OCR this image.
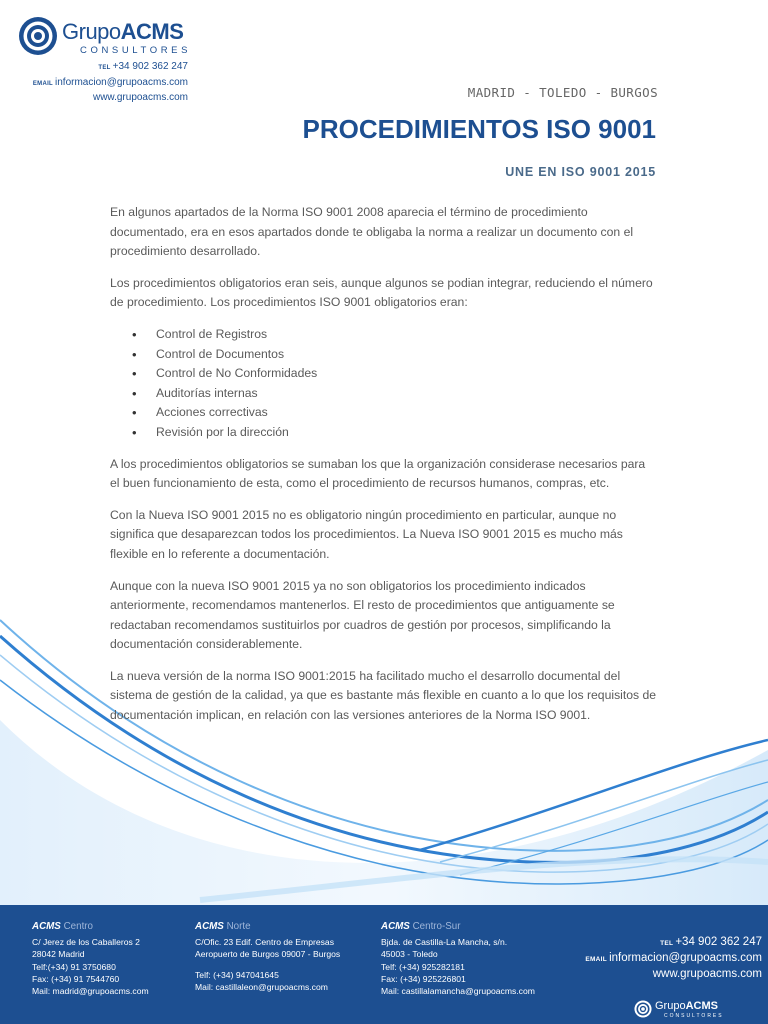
GrupoACMS
CONSULTORES
TEL +34 902 362 247
EMAIL informacion@grupoacms.com
www.grupoacms.com	MADRID - TOLEDO - BURGOS
PROCEDIMIENTOS ISO 9001
UNE EN ISO 9001 2015

En algunos apartados de la Norma ISO 9001 2008 aparecia el término de procedimiento documentado, era en esos apartados donde te obligaba la norma a realizar un documento con el procedimiento desarrollado.

Los procedimientos obligatorios eran seis, aunque algunos se podian integrar, reduciendo el número de procedimiento. Los procedimientos ISO 9001 obligatorios eran:

• Control de Registros
• Control de Documentos
• Control de No Conformidades
• Auditorías internas
• Acciones correctivas
• Revisión por la dirección

A los procedimientos obligatorios se sumaban los que la organización considerase necesarios para el buen funcionamiento de esta, como el procedimiento de recursos humanos, compras, etc.

Con la Nueva ISO 9001 2015 no es obligatorio ningún procedimiento en particular, aunque no significa que desaparezcan todos los procedimientos. La Nueva ISO 9001 2015 es mucho más flexible en lo referente a documentación.

Aunque con la nueva ISO 9001 2015 ya no son obligatorios los procedimiento indicados anteriormente, recomendamos mantenerlos. El resto de procedimientos que antiguamente se redactaban recomendamos sustituirlos por cuadros de gestión por procesos, simplificando la documentación considerablemente.

La nueva versión de la norma ISO 9001:2015 ha facilitado mucho el desarrollo documental del sistema de gestión de la calidad, ya que es bastante más flexible en cuanto a lo que los requisitos de documentación implican, en relación con las versiones anteriores de la Norma ISO 9001.

ACMS Centro
C/ Jerez de los Caballeros 2
28042 Madrid
Telf:(+34) 91 3750680
Fax: (+34) 91 7544760
Mail: madrid@grupoacms.com
ACMS Norte
C/Ofic. 23 Edif. Centro de Empresas
Aeropuerto de Burgos 09007 - Burgos
Telf: (+34) 947041645
Mail: castillaleon@grupoacms.com
ACMS Centro-Sur
Bjda. de Castilla-La Mancha, s/n.
45003 - Toledo
Telf: (+34) 925282181
Fax: (+34) 925226801
Mail: castillalamancha@grupoacms.com
TEL +34 902 362 247
EMAIL informacion@grupoacms.com
www.grupoacms.com
GrupoACMS
CONSULTORES
